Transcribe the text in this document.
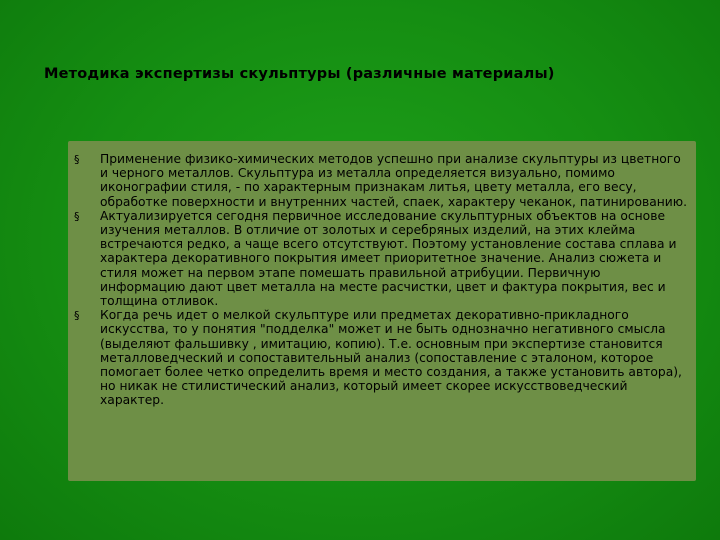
Методика экспертизы скульптуры (различные материалы)
§ Применение физико-химических методов успешно при анализе скульптуры из цветного и черного металлов. Скульптура из металла определяется визуально, помимо иконографии стиля, - по характерным признакам литья, цвету металла, его весу, обработке поверхности и внутренних частей, спаек, характеру чеканок, патинированию.
§ Актуализируется сегодня первичное исследование скульптурных объектов на основе изучения металлов. В отличие от золотых и серебряных изделий, на этих клейма встречаются редко, а чаще всего отсутствуют. Поэтому установление состава сплава и характера декоративного покрытия имеет приоритетное значение. Анализ сюжета и стиля может на первом этапе помешать правильной атрибуции. Первичную информацию дают цвет металла на месте расчистки, цвет и фактура покрытия, вес и толщина отливок.
§ Когда речь идет о мелкой скульптуре или предметах декоративно-прикладного искусства, то у понятия "подделка" может и не быть однозначно негативного смысла (выделяют фальшивку , имитацию, копию). Т.е. основным при экспертизе становится металловедческий и сопоставительный анализ (сопоставление с эталоном, которое помогает более четко определить время и место создания, а также установить автора), но никак не стилистический анализ, который имеет скорее искусствоведческий характер.
